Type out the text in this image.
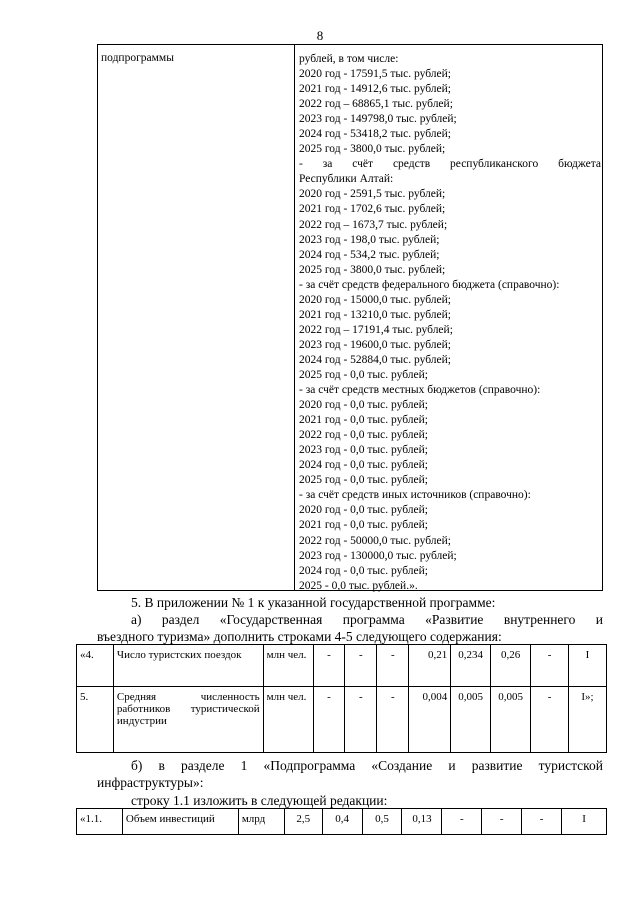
8
подпрограммы	рублей, в том числе:
2020 год - 17591,5 тыс. рублей;
2021 год - 14912,6 тыс. рублей;
2022 год – 68865,1 тыс. рублей;
2023 год - 149798,0 тыс. рублей;
2024 год - 53418,2 тыс. рублей;
2025 год - 3800,0 тыс. рублей;
- за счёт средств республиканского бюджета
Республики Алтай:
2020 год - 2591,5 тыс. рублей;
2021 год - 1702,6 тыс. рублей;
2022 год – 1673,7 тыс. рублей;
2023 год - 198,0 тыс. рублей;
2024 год - 534,2 тыс. рублей;
2025 год - 3800,0 тыс. рублей;
- за счёт средств федерального бюджета (справочно):
2020 год - 15000,0 тыс. рублей;
2021 год - 13210,0 тыс. рублей;
2022 год – 17191,4 тыс. рублей;
2023 год - 19600,0 тыс. рублей;
2024 год - 52884,0 тыс. рублей;
2025 год - 0,0 тыс. рублей;
- за счёт средств местных бюджетов (справочно):
2020 год - 0,0 тыс. рублей;
2021 год - 0,0 тыс. рублей;
2022 год - 0,0 тыс. рублей;
2023 год - 0,0 тыс. рублей;
2024 год - 0,0 тыс. рублей;
2025 год - 0,0 тыс. рублей;
- за счёт средств иных источников (справочно):
2020 год - 0,0 тыс. рублей;
2021 год - 0,0 тыс. рублей;
2022 год - 50000,0 тыс. рублей;
2023 год - 130000,0 тыс. рублей;
2024 год - 0,0 тыс. рублей;
2025 - 0,0 тыс. рублей.».
5. В приложении № 1 к указанной государственной программе:
а) раздел «Государственная программа «Развитие внутреннего и
въездного туризма» дополнить строками 4-5 следующего содержания:
«4.	Число туристских поездок	млн чел.	-	-	-	0,21	0,234	0,26	-	I
5.	Средняя численность работников туристической индустрии	млн чел.	-	-	-	0,004	0,005	0,005	-	I»;
б) в разделе 1 «Подпрограмма «Создание и развитие туристской
инфраструктуры»:
строку 1.1 изложить в следующей редакции:
«1.1.	Объем инвестиций	млрд	2,5	0,4	0,5	0,13	-	-	-	I
